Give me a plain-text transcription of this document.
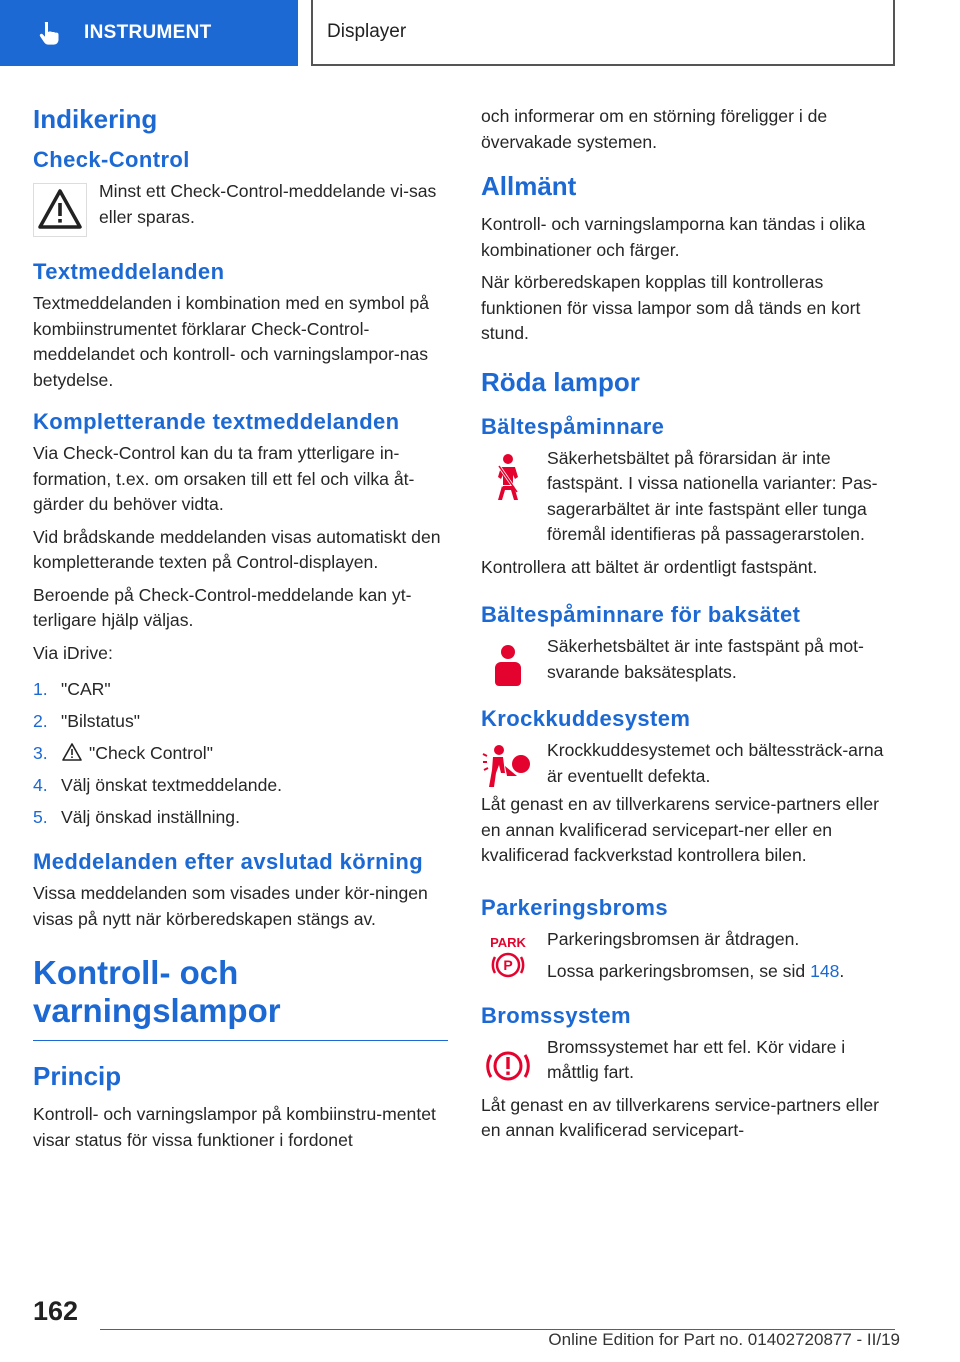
INSTRUMENT	Displayer
Indikering
Check-Control

Minst ett Check-Control-meddelande vi-sas eller sparas.

Textmeddelanden

Textmeddelanden i kombination med en symbol på kombiinstrumentet förklarar Check-Control-meddelandet och kontroll- och varningslampor-nas betydelse.

Kompletterande textmeddelanden

Via Check-Control kan du ta fram ytterligare in-formation, t.ex. om orsaken till ett fel och vilka åt-gärder du behöver vidta.

Vid brådskande meddelanden visas automatiskt den kompletterande texten på Control-displayen.

Beroende på Check-Control-meddelande kan yt-terligare hjälp väljas.

Via iDrive:

1. "CAR"
2. "Bilstatus"
3. "Check Control"
4. Välj önskat textmeddelande.
5. Välj önskad inställning.
Meddelanden efter avslutad körning

Vissa meddelanden som visades under kör-ningen visas på nytt när körberedskapen stängs av.

Kontroll- och varningslampor
Princip

Kontroll- och varningslampor på kombiinstru-mentet visar status för vissa funktioner i fordonet

och informerar om en störning föreligger i de övervakade systemen.

Allmänt

Kontroll- och varningslamporna kan tändas i olika kombinationer och färger.

När körberedskapen kopplas till kontrolleras funktionen för vissa lampor som då tänds en kort stund.

Röda lampor
Bältespåminnare

Säkerhetsbältet på förarsidan är inte fastspänt. I vissa nationella varianter: Pas-sagerarbältet är inte fastspänt eller tunga föremål identifieras på passagerarstolen.

Kontrollera att bältet är ordentligt fastspänt.

Bältespåminnare för baksätet

Säkerhetsbältet är inte fastspänt på mot-svarande baksätesplats.

Krockkuddesystem

Krockkuddesystemet och bältessträck-arna är eventuellt defekta.

Låt genast en av tillverkarens service-partners eller en annan kvalificerad servicepart-ner eller en kvalificerad fackverkstad kontrollera bilen.

Parkeringsbroms
PARK
P

Parkeringsbromsen är åtdragen.

Lossa parkeringsbromsen, se sid 148.

Bromssystem

Bromssystemet har ett fel. Kör vidare i måttlig fart.

Låt genast en av tillverkarens service-partners eller en annan kvalificerad servicepart-

162
Online Edition for Part no. 01402720877 - II/19
